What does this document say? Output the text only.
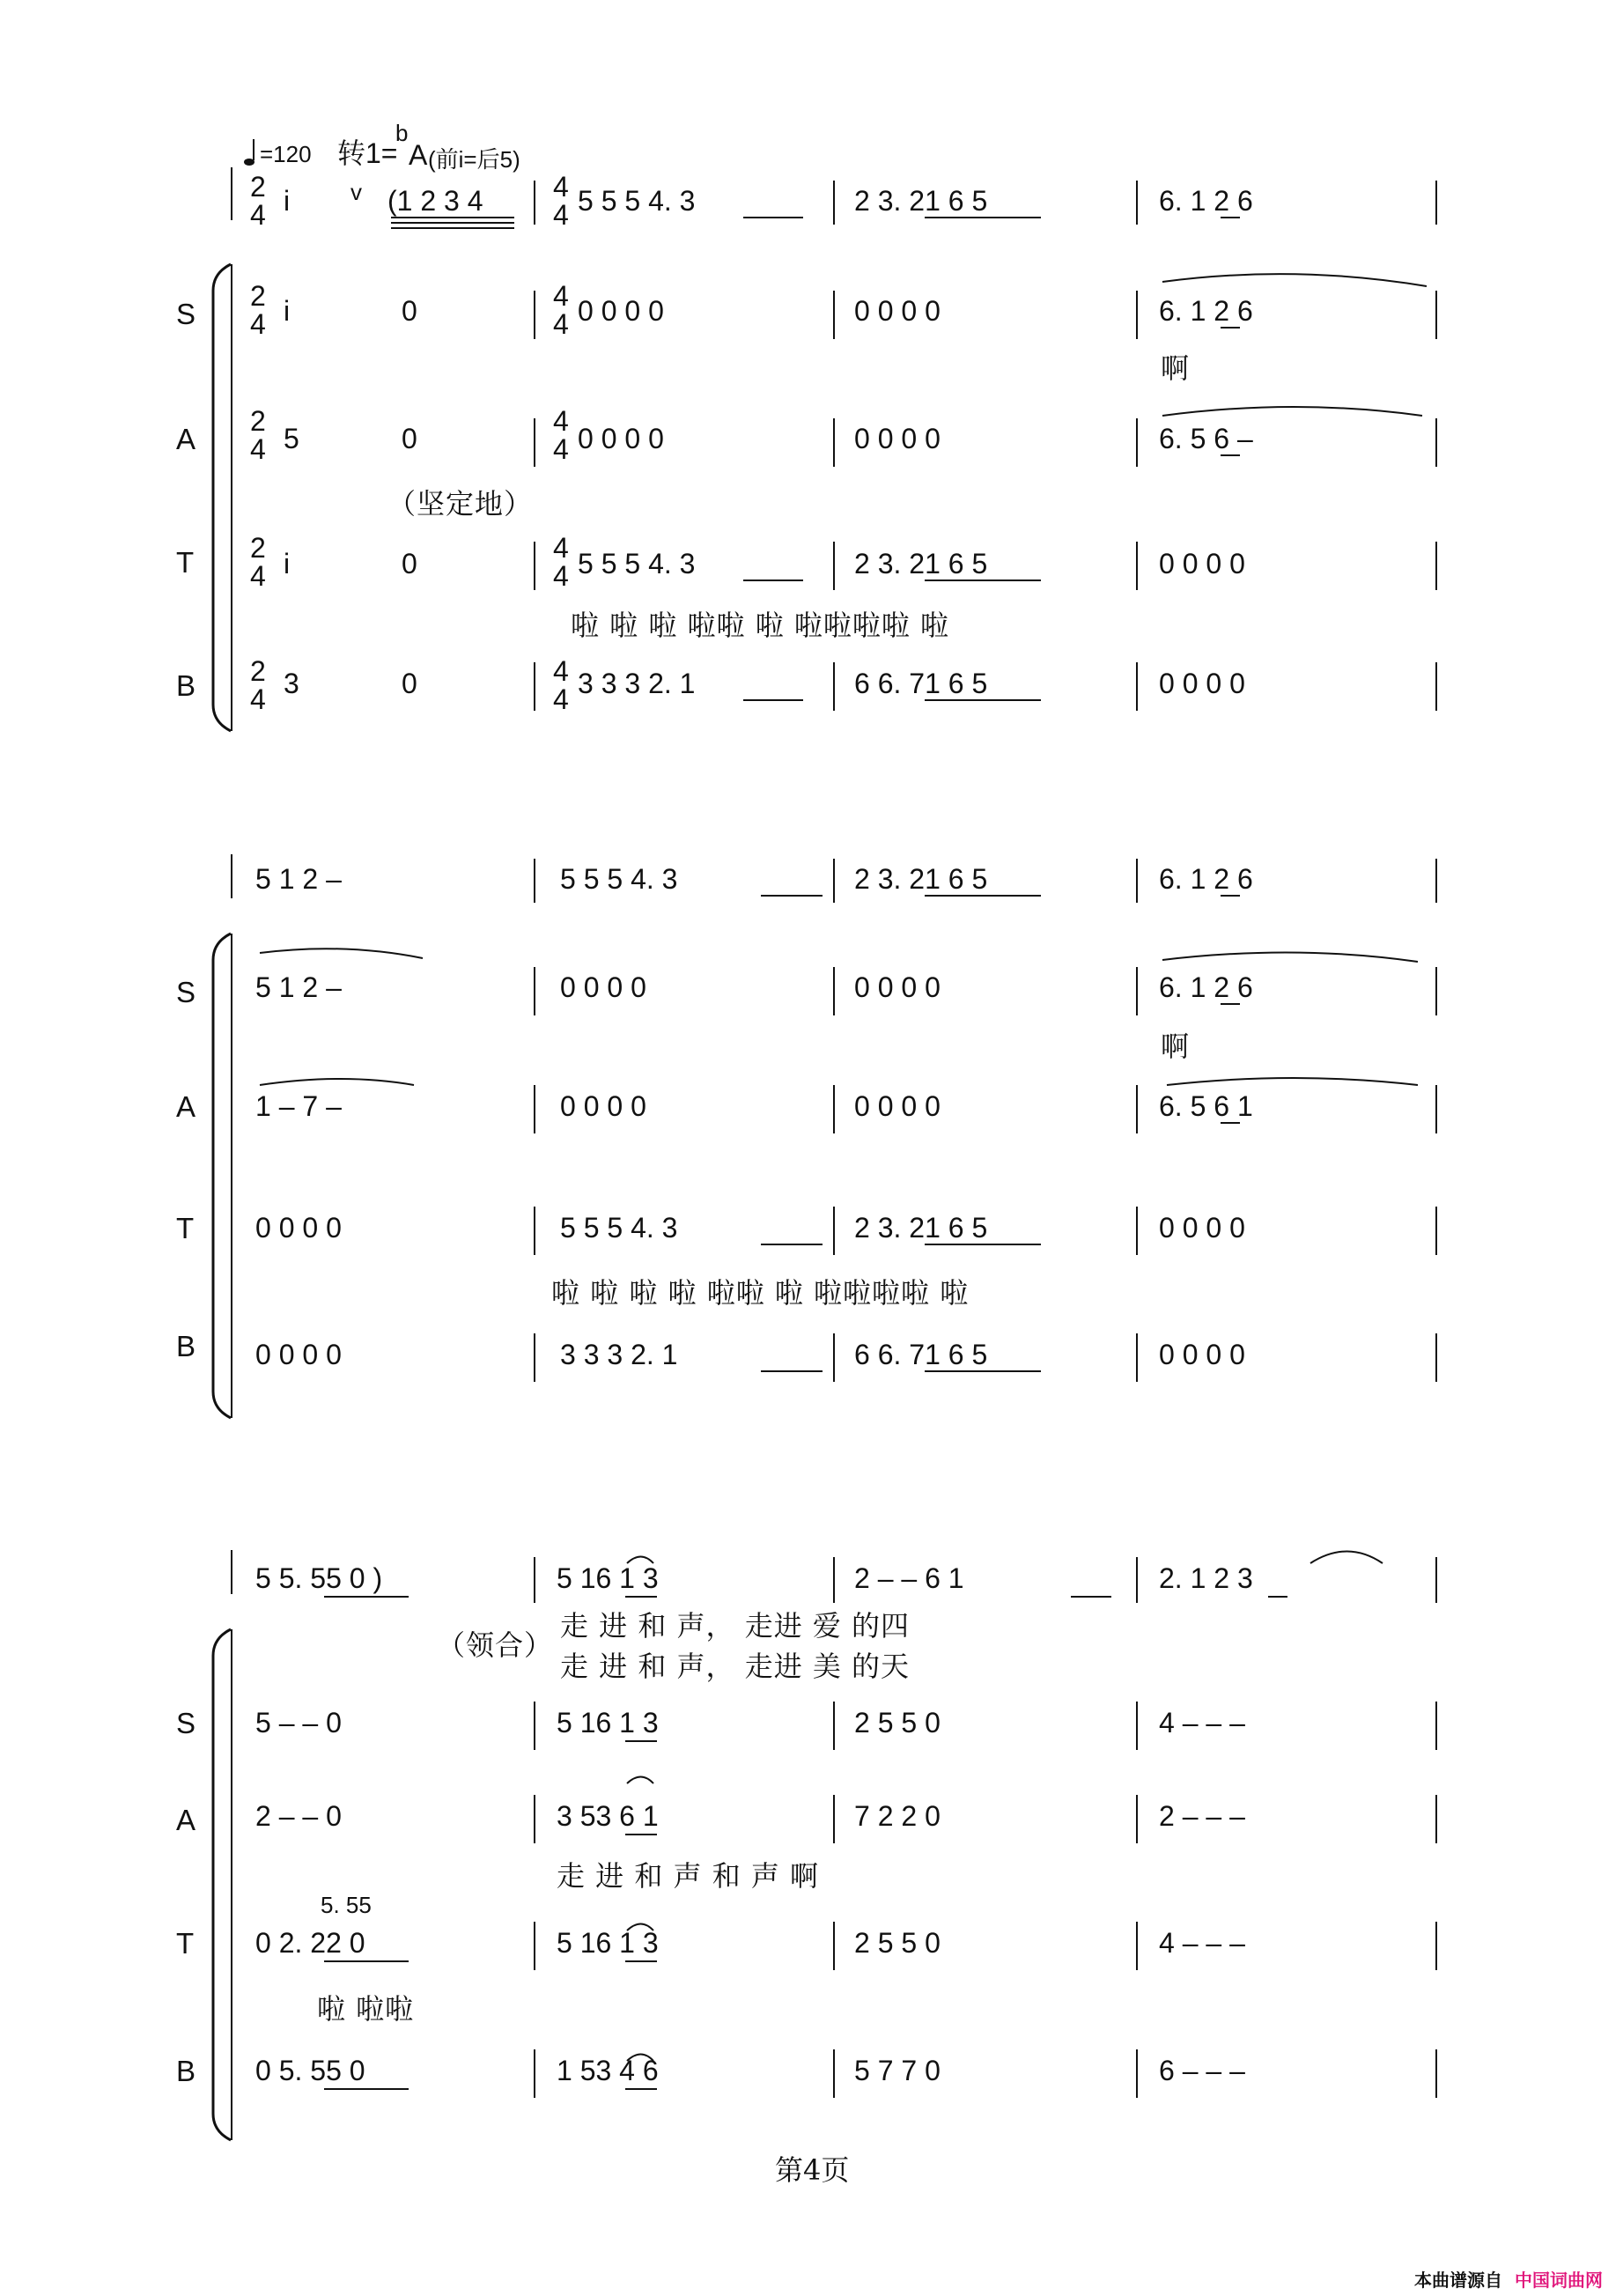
=120 转1=
b
A (前i=后5)
v
S
A
T
B
S
A
T
B
S
A
T
B
2
4
2
4
2
4
2
4
2
4
4
4
4
4
4
4
4
4
4
4
i	(1 2 3 4	5 5 5 4. 3	2 3. 21 6 5	6. 1 2 6
i	0	0 0 0 0	0 0 0 0	6. 1 2 6
啊
5	0	0 0 0 0	0 0 0 0	6. 5 6 –
（坚定地）
i	0	5 5 5 4. 3	2 3. 21 6 5	0 0 0 0
啦 啦 啦 啦啦 啦 啦啦啦啦 啦
3	0	3 3 3 2. 1	6 6. 71 6 5	0 0 0 0
5 1 2 –	5 5 5 4. 3	2 3. 21 6 5	6. 1 2 6
5 1 2 –	0 0 0 0	0 0 0 0	6. 1 2 6
啊
1 – 7 –	0 0 0 0	0 0 0 0	6. 5 6 1
0 0 0 0	5 5 5 4. 3	2 3. 21 6 5	0 0 0 0
啦 啦 啦 啦 啦啦 啦 啦啦啦啦 啦
0 0 0 0	3 3 3 2. 1	6 6. 71 6 5	0 0 0 0
5 5. 55 0 )	5 16 1 3	2 – – 6 1	2. 1 2 3
（领合）
走 进 和 声， 走进 爱 的四
走 进 和 声， 走进 美 的天
5 – – 0	5 16 1 3	2 5 5 0	4 – – –
2 – – 0	3 53 6 1	7 2 2 0	2 – – –
走 进 和 声 和 声 啊
5. 55
0 2. 22 0	5 16 1 3	2 5 5 0	4 – – –
啦 啦啦
0 5. 55 0	1 53 4 6	5 7 7 0	6 – – –
第4页
本曲谱源自 中国词曲网
